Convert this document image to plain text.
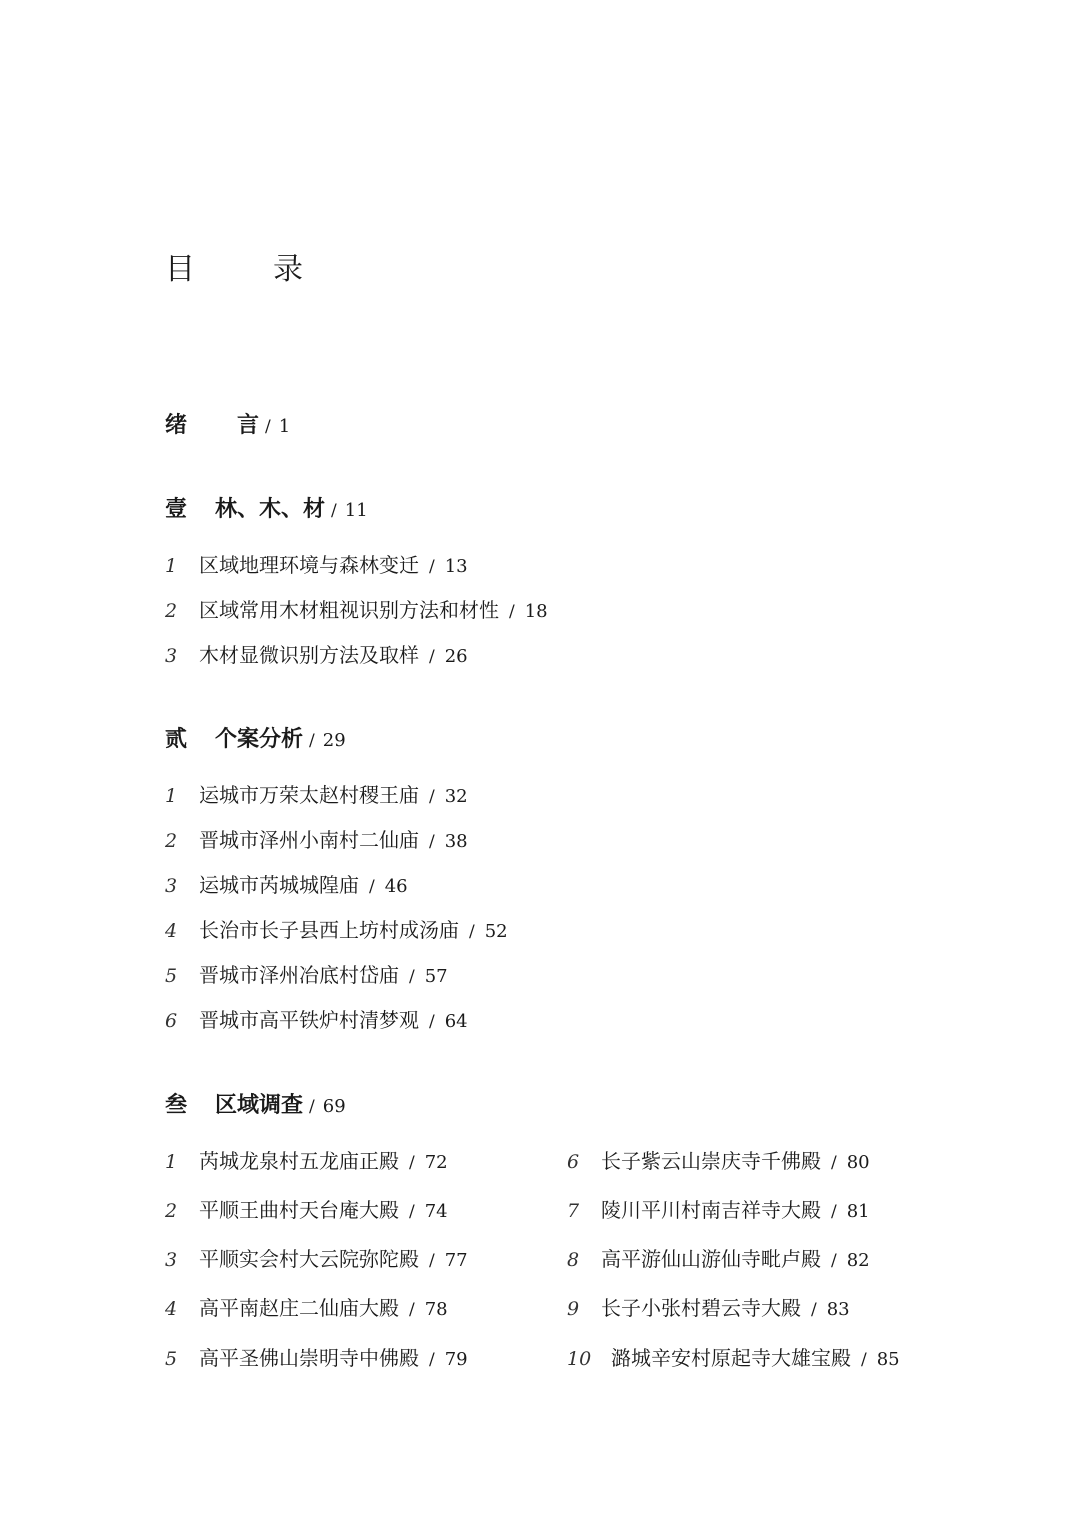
目　录
绪 言 / 1
壹 林、木、材 / 11
1 区域地理环境与森林变迁 / 13
2 区域常用木材粗视识别方法和材性 / 18
3 木材显微识别方法及取样 / 26
贰 个案分析 / 29
1 运城市万荣太赵村稷王庙 / 32
2 晋城市泽州小南村二仙庙 / 38
3 运城市芮城城隍庙 / 46
4 长治市长子县西上坊村成汤庙 / 52
5 晋城市泽州冶底村岱庙 / 57
6 晋城市高平铁炉村清梦观 / 64
叁 区域调查 / 69
1 芮城龙泉村五龙庙正殿 / 72
2 平顺王曲村天台庵大殿 / 74
3 平顺实会村大云院弥陀殿 / 77
4 高平南赵庄二仙庙大殿 / 78
5 高平圣佛山崇明寺中佛殿 / 79
6 长子紫云山崇庆寺千佛殿 / 80
7 陵川平川村南吉祥寺大殿 / 81
8 高平游仙山游仙寺毗卢殿 / 82
9 长子小张村碧云寺大殿 / 83
10 潞城辛安村原起寺大雄宝殿 / 85
